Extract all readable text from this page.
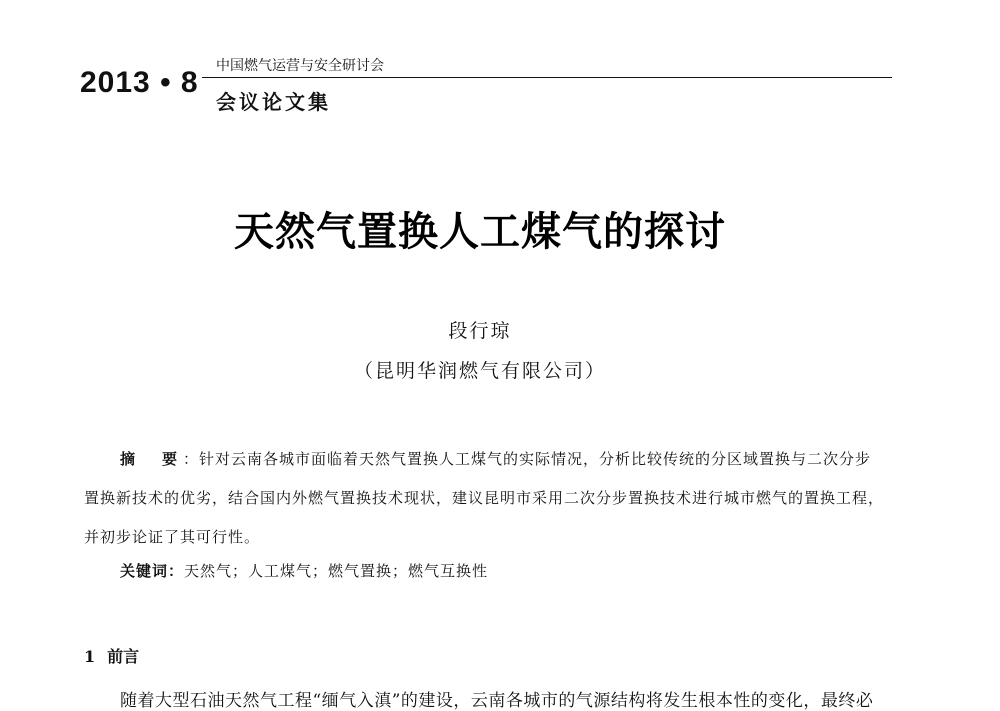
2013 • 8 中国燃气运营与安全研讨会
会议论文集
天然气置换人工煤气的探讨
段行琼
（昆明华润燃气有限公司）

摘　要：针对云南各城市面临着天然气置换人工煤气的实际情况，分析比较传统的分区域置换与二次分步置换新技术的优劣，结合国内外燃气置换技术现状，建议昆明市采用二次分步置换技术进行城市燃气的置换工程，并初步论证了其可行性。

关键词：天然气；人工煤气；燃气置换；燃气互换性
1 前言
随着大型石油天然气工程“缅气入滇”的建设，云南各城市的气源结构将发生根本性的变化，最终必
